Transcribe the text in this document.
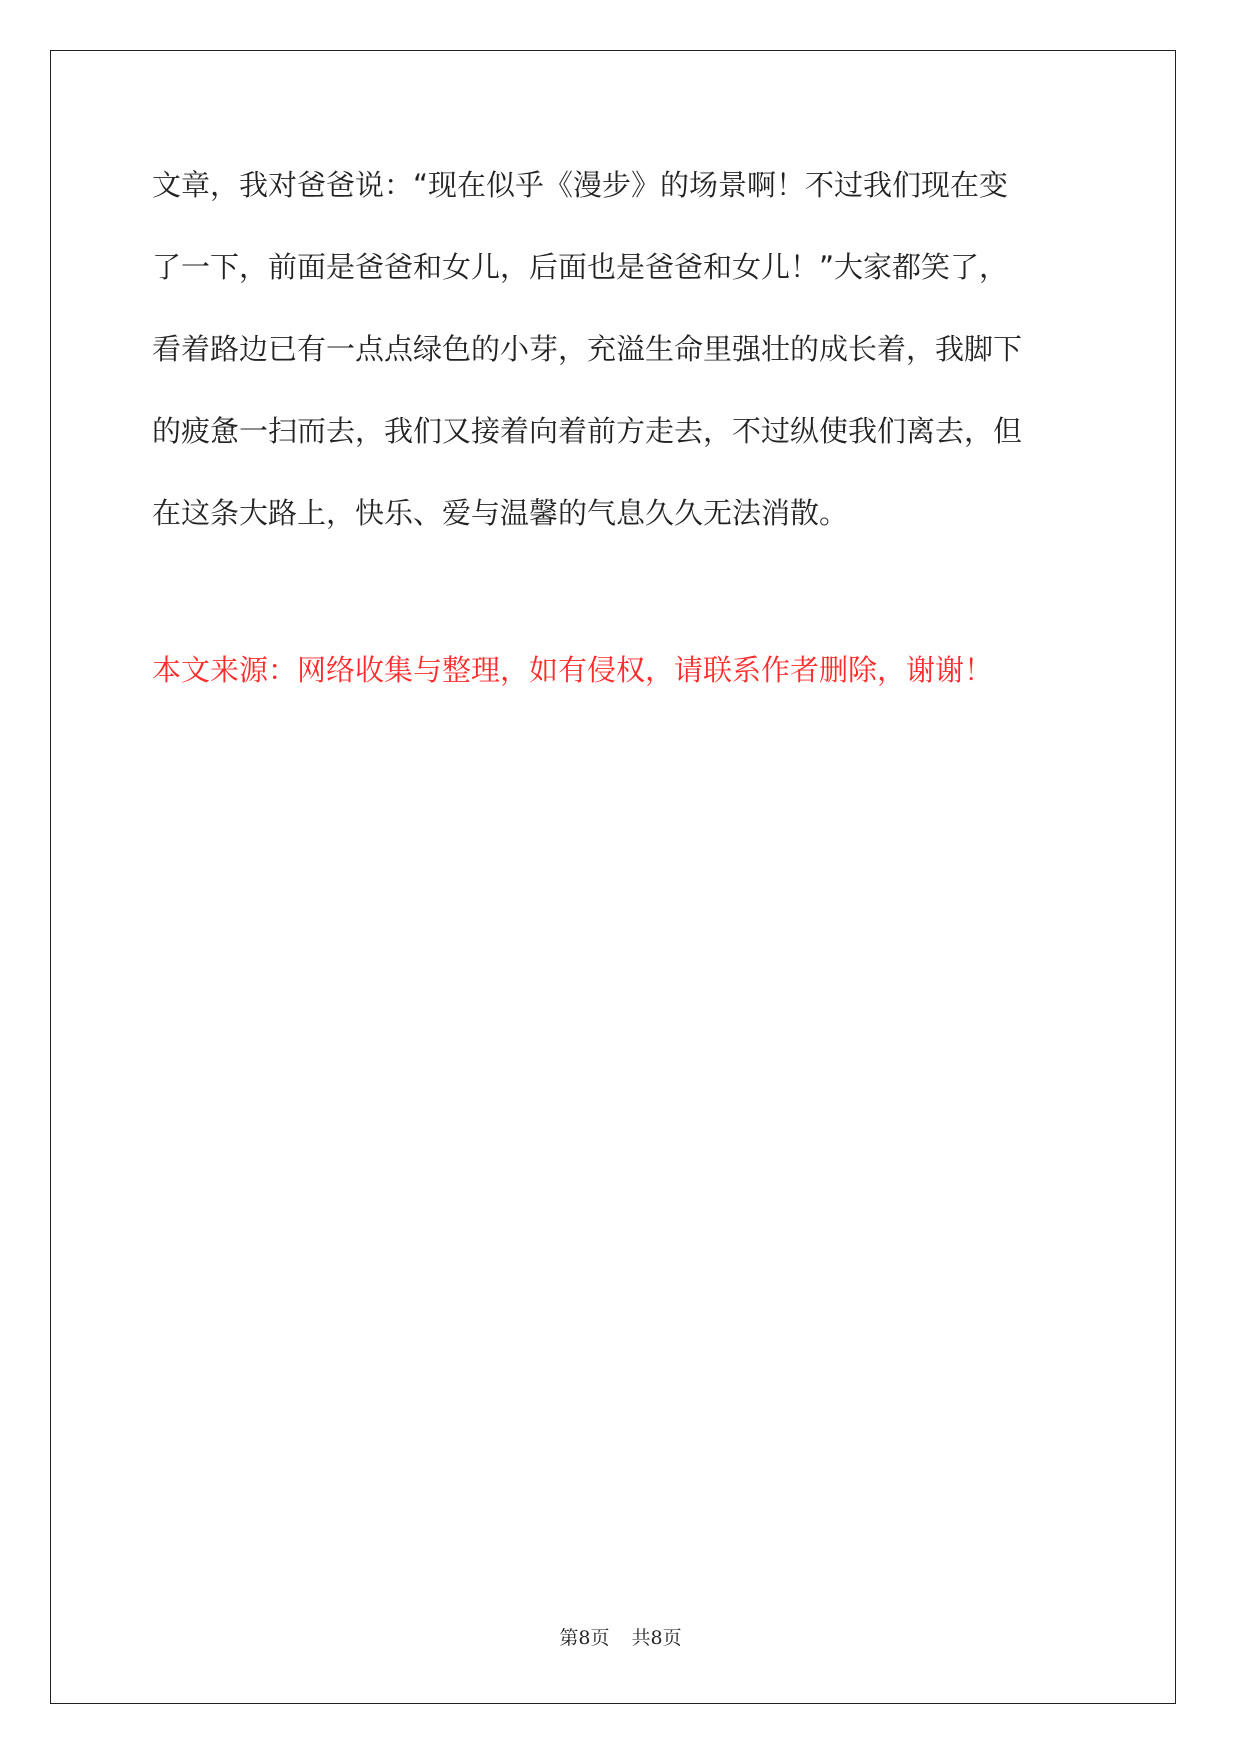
文章，我对爸爸说：“现在似乎《漫步》的场景啊！不过我们现在变
了一下，前面是爸爸和女儿，后面也是爸爸和女儿！”大家都笑了，
看着路边已有一点点绿色的小芽，充溢生命里强壮的成长着，我脚下
的疲惫一扫而去，我们又接着向着前方走去，不过纵使我们离去，但
在这条大路上，快乐、爱与温馨的气息久久无法消散。
本文来源：网络收集与整理，如有侵权，请联系作者删除，谢谢！
第8页 共8页
